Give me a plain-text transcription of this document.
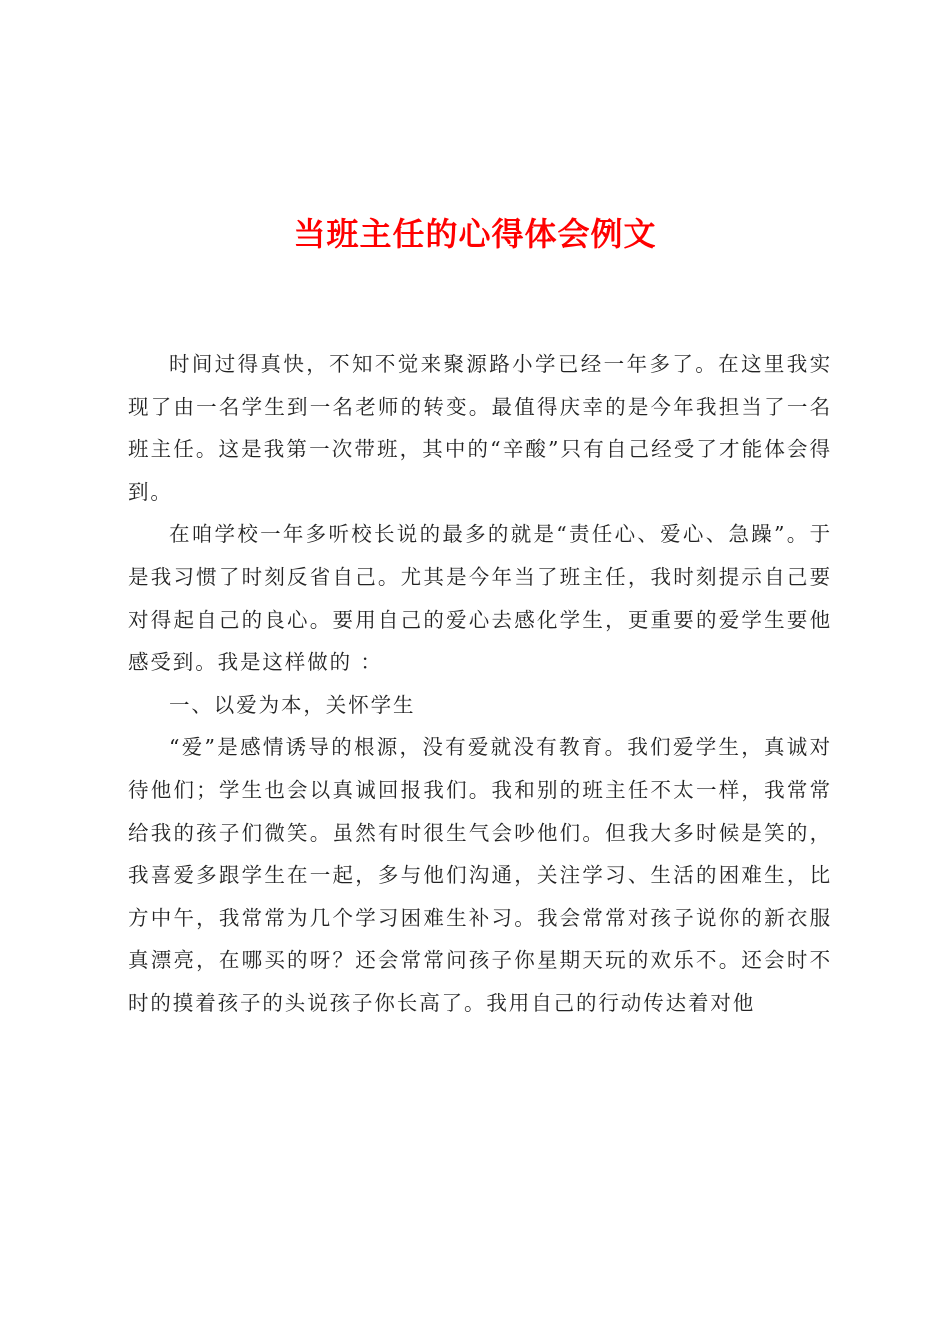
当班主任的心得体会例文

时间过得真快，不知不觉来聚源路小学已经一年多了。在这里我实现了由一名学生到一名老师的转变。最值得庆幸的是今年我担当了一名班主任。这是我第一次带班，其中的“辛酸”只有自己经受了才能体会得到。

在咱学校一年多听校长说的最多的就是“责任心、爱心、急躁”。于是我习惯了时刻反省自己。尤其是今年当了班主任，我时刻提示自己要对得起自己的良心。要用自己的爱心去感化学生，更重要的爱学生要他感受到。我是这样做的 ：

一、以爱为本，关怀学生

“爱”是感情诱导的根源，没有爱就没有教育。我们爱学生，真诚对待他们；学生也会以真诚回报我们。我和别的班主任不太一样，我常常给我的孩子们微笑。虽然有时很生气会吵他们。但我大多时候是笑的，我喜爱多跟学生在一起，多与他们沟通，关注学习、生活的困难生，比方中午，我常常为几个学习困难生补习。我会常常对孩子说你的新衣服真漂亮，在哪买的呀？还会常常问孩子你星期天玩的欢乐不。还会时不时的摸着孩子的头说孩子你长高了。我用自己的行动传达着对他
